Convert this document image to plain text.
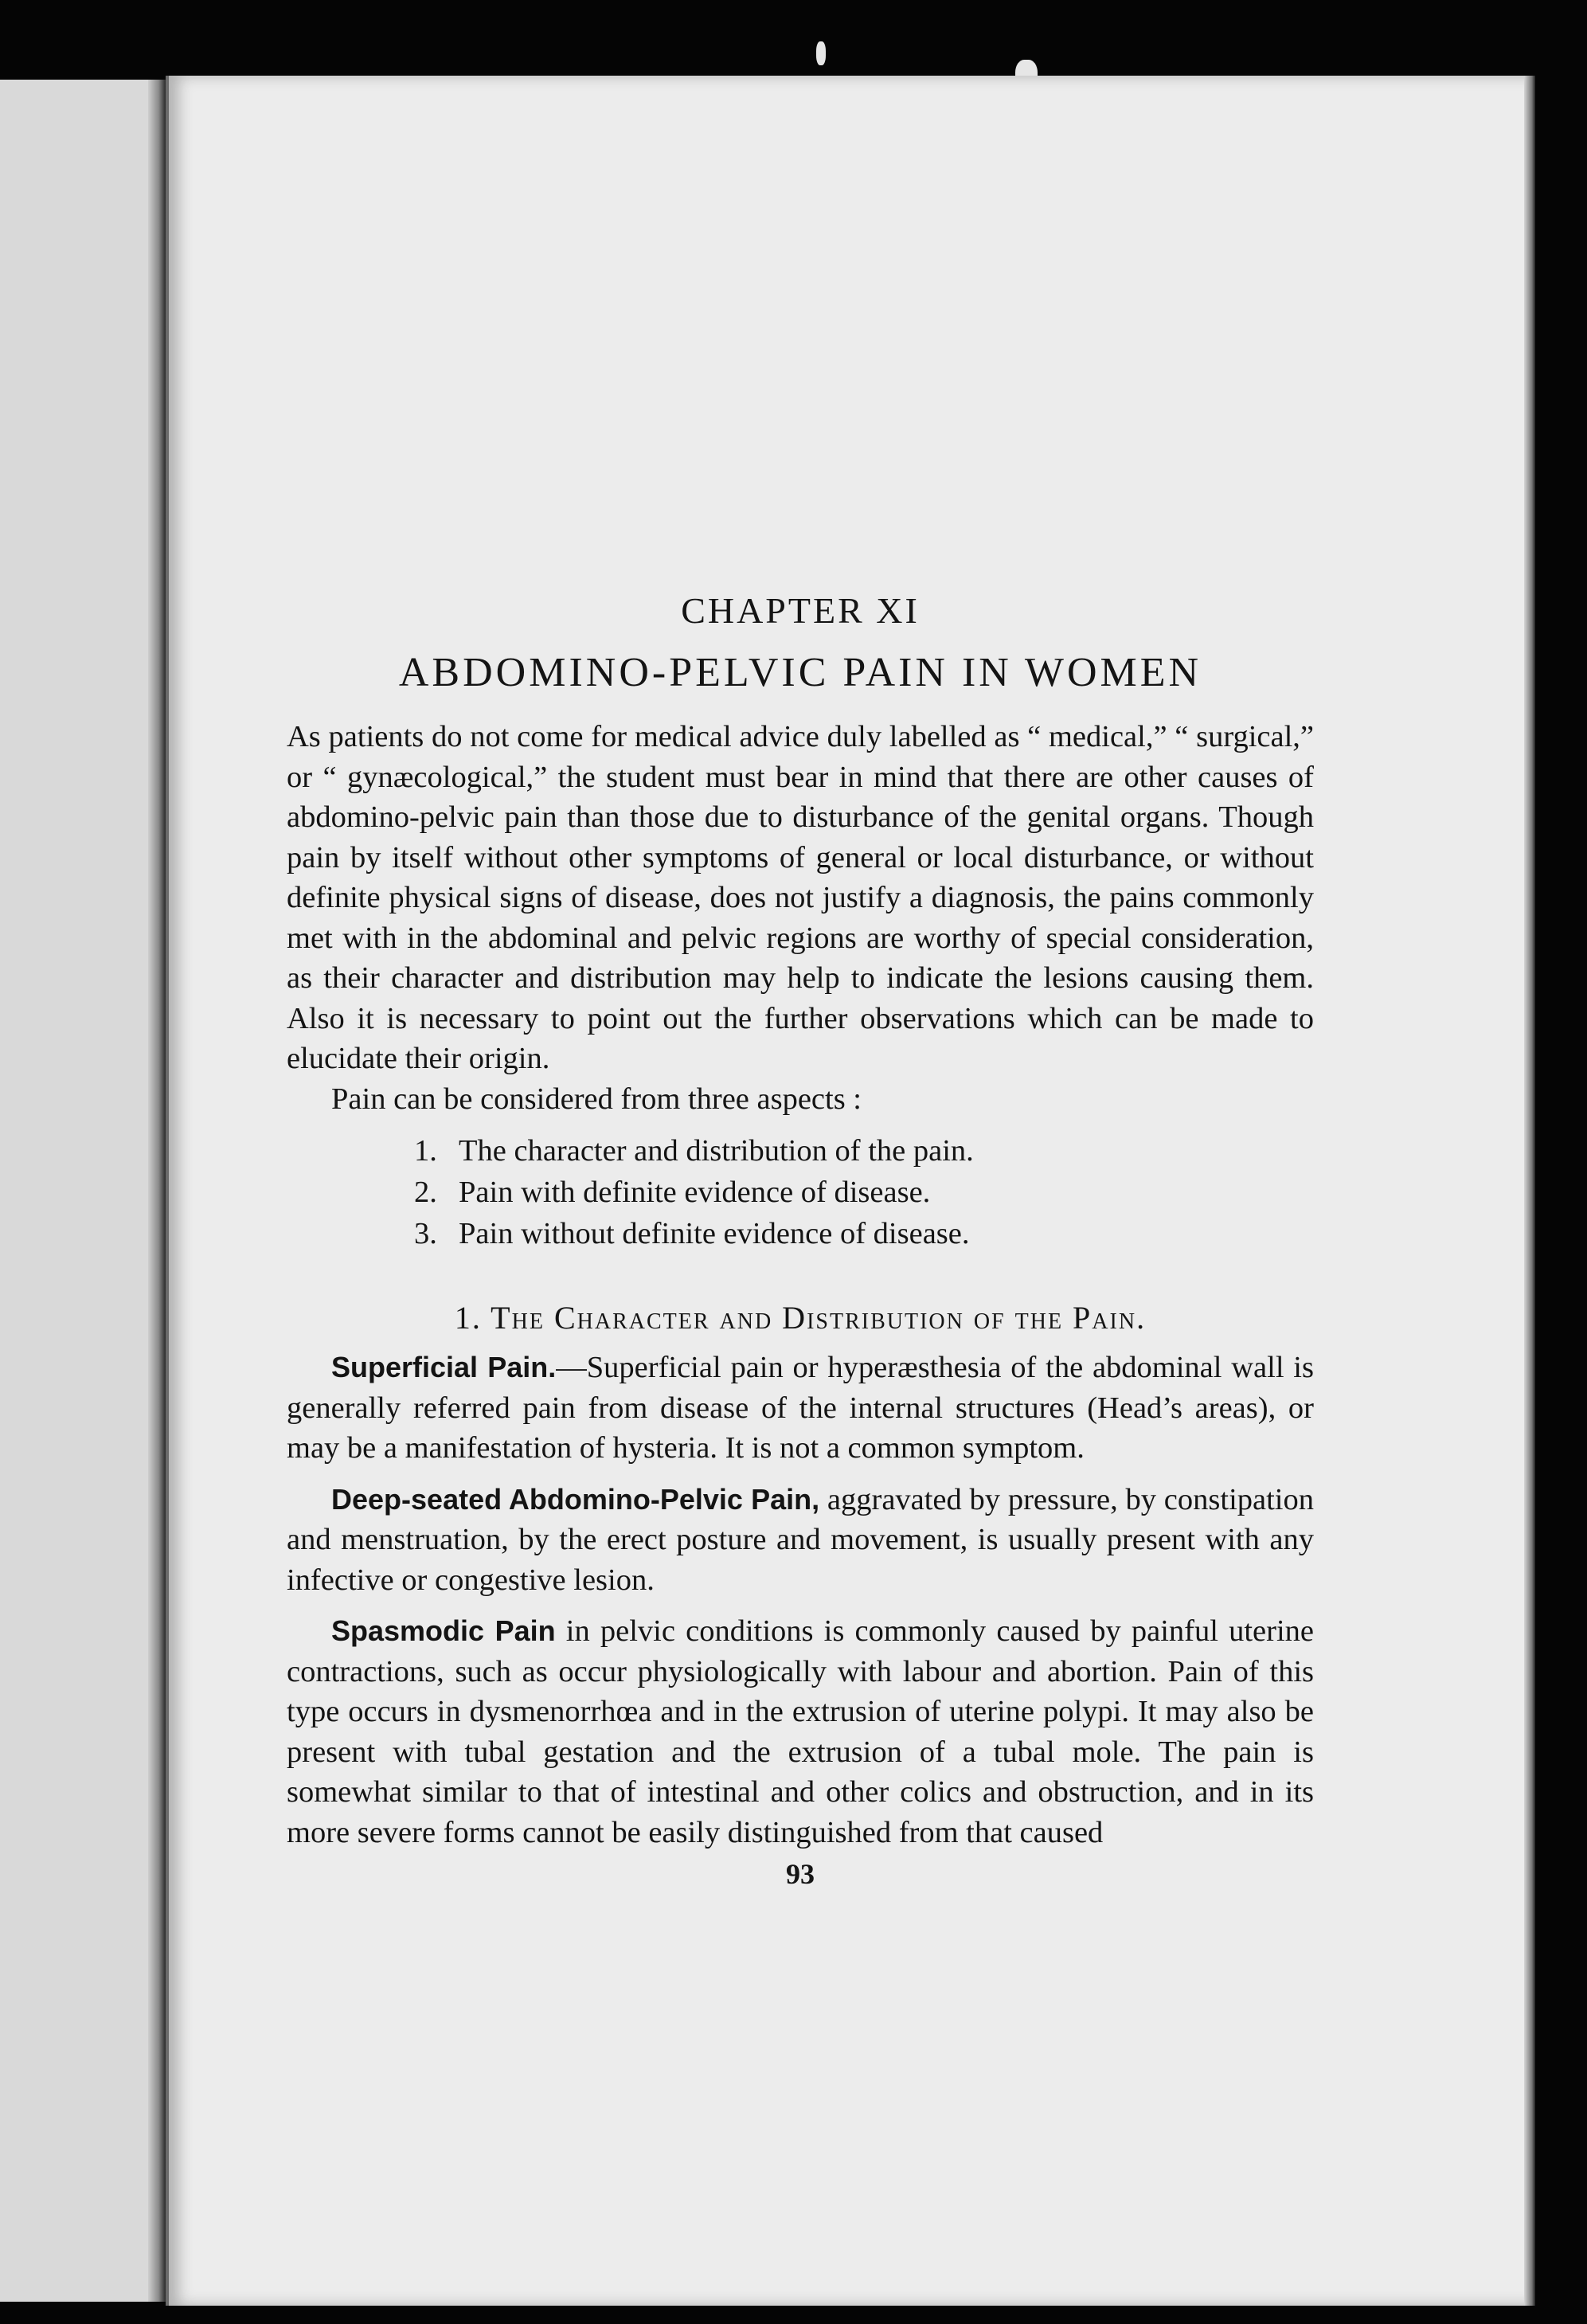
CHAPTER XI
ABDOMINO-PELVIC PAIN IN WOMEN

As patients do not come for medical advice duly labelled as “ medical,” “ surgical,” or “ gynæcological,” the student must bear in mind that there are other causes of abdomino-pelvic pain than those due to disturbance of the genital organs. Though pain by itself without other symptoms of general or local disturbance, or without definite physical signs of disease, does not justify a diagnosis, the pains commonly met with in the abdominal and pelvic regions are worthy of special consideration, as their character and distribution may help to indicate the lesions causing them. Also it is necessary to point out the further observations which can be made to elucidate their origin.

Pain can be considered from three aspects :

1. The character and distribution of the pain.
2. Pain with definite evidence of disease.
3. Pain without definite evidence of disease.
1. The Character and Distribution of the Pain.

Superficial Pain.—Superficial pain or hyperæsthesia of the abdominal wall is generally referred pain from disease of the internal structures (Head’s areas), or may be a manifestation of hysteria. It is not a common symptom.

Deep-seated Abdomino-Pelvic Pain, aggravated by pressure, by constipation and menstruation, by the erect posture and movement, is usually present with any infective or congestive lesion.

Spasmodic Pain in pelvic conditions is commonly caused by painful uterine contractions, such as occur physiologically with labour and abortion. Pain of this type occurs in dysmenorrhœa and in the extrusion of uterine polypi. It may also be present with tubal gestation and the extrusion of a tubal mole. The pain is somewhat similar to that of intestinal and other colics and obstruction, and in its more severe forms cannot be easily distinguished from that caused

93
